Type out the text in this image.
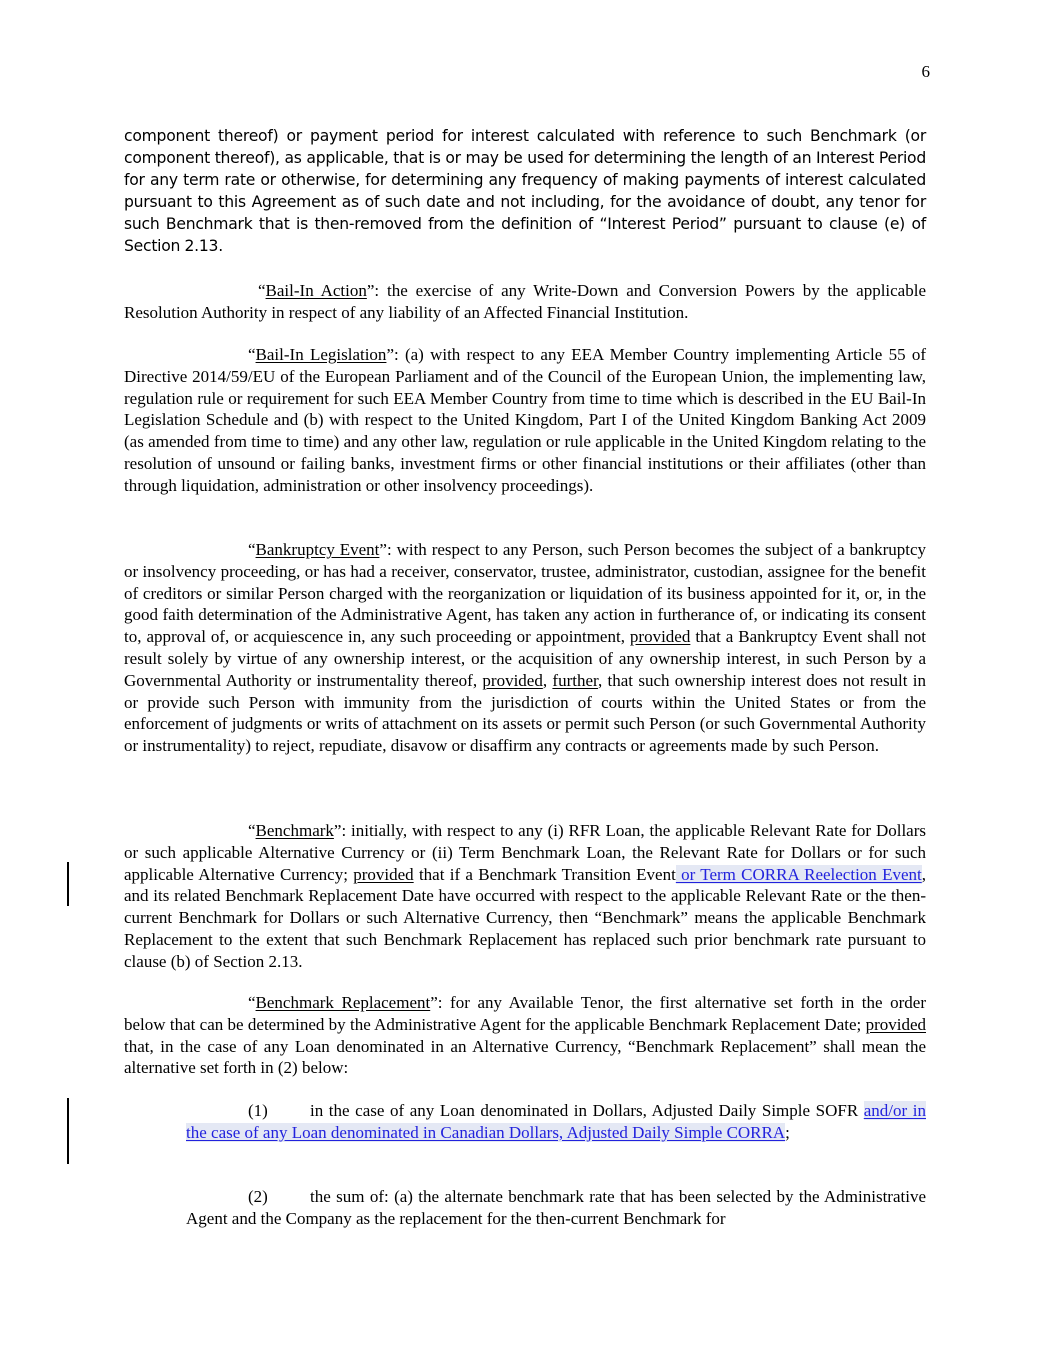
6

component thereof) or payment period for interest calculated with reference to such Benchmark (or component thereof), as applicable, that is or may be used for determining the length of an Interest Period for any term rate or otherwise, for determining any frequency of making payments of interest calculated pursuant to this Agreement as of such date and not including, for the avoidance of doubt, any tenor for such Benchmark that is then-removed from the definition of “Interest Period” pursuant to clause (e) of Section 2.13.

“Bail-In Action”: the exercise of any Write-Down and Conversion Powers by the applicable Resolution Authority in respect of any liability of an Affected Financial Institution.

“Bail-In Legislation”: (a) with respect to any EEA Member Country implementing Article 55 of Directive 2014/59/EU of the European Parliament and of the Council of the European Union, the implementing law, regulation rule or requirement for such EEA Member Country from time to time which is described in the EU Bail-In Legislation Schedule and (b) with respect to the United Kingdom, Part I of the United Kingdom Banking Act 2009 (as amended from time to time) and any other law, regulation or rule applicable in the United Kingdom relating to the resolution of unsound or failing banks, investment firms or other financial institutions or their affiliates (other than through liquidation, administration or other insolvency proceedings).

“Bankruptcy Event”: with respect to any Person, such Person becomes the subject of a bankruptcy or insolvency proceeding, or has had a receiver, conservator, trustee, administrator, custodian, assignee for the benefit of creditors or similar Person charged with the reorganization or liquidation of its business appointed for it, or, in the good faith determination of the Administrative Agent, has taken any action in furtherance of, or indicating its consent to, approval of, or acquiescence in, any such proceeding or appointment, provided that a Bankruptcy Event shall not result solely by virtue of any ownership interest, or the acquisition of any ownership interest, in such Person by a Governmental Authority or instrumentality thereof, provided, further, that such ownership interest does not result in or provide such Person with immunity from the jurisdiction of courts within the United States or from the enforcement of judgments or writs of attachment on its assets or permit such Person (or such Governmental Authority or instrumentality) to reject, repudiate, disavow or disaffirm any contracts or agreements made by such Person.

“Benchmark”: initially, with respect to any (i) RFR Loan, the applicable Relevant Rate for Dollars or such applicable Alternative Currency or (ii) Term Benchmark Loan, the Relevant Rate for Dollars or for such applicable Alternative Currency; provided that if a Benchmark Transition Event or Term CORRA Reelection Event, and its related Benchmark Replacement Date have occurred with respect to the applicable Relevant Rate or the then-current Benchmark for Dollars or such Alternative Currency, then “Benchmark” means the applicable Benchmark Replacement to the extent that such Benchmark Replacement has replaced such prior benchmark rate pursuant to clause (b) of Section 2.13.

“Benchmark Replacement”: for any Available Tenor, the first alternative set forth in the order below that can be determined by the Administrative Agent for the applicable Benchmark Replacement Date; provided that, in the case of any Loan denominated in an Alternative Currency, “Benchmark Replacement” shall mean the alternative set forth in (2) below:

(1) in the case of any Loan denominated in Dollars, Adjusted Daily Simple SOFR and/or in the case of any Loan denominated in Canadian Dollars, Adjusted Daily Simple CORRA;

(2) the sum of: (a) the alternate benchmark rate that has been selected by the Administrative Agent and the Company as the replacement for the then-current Benchmark for
